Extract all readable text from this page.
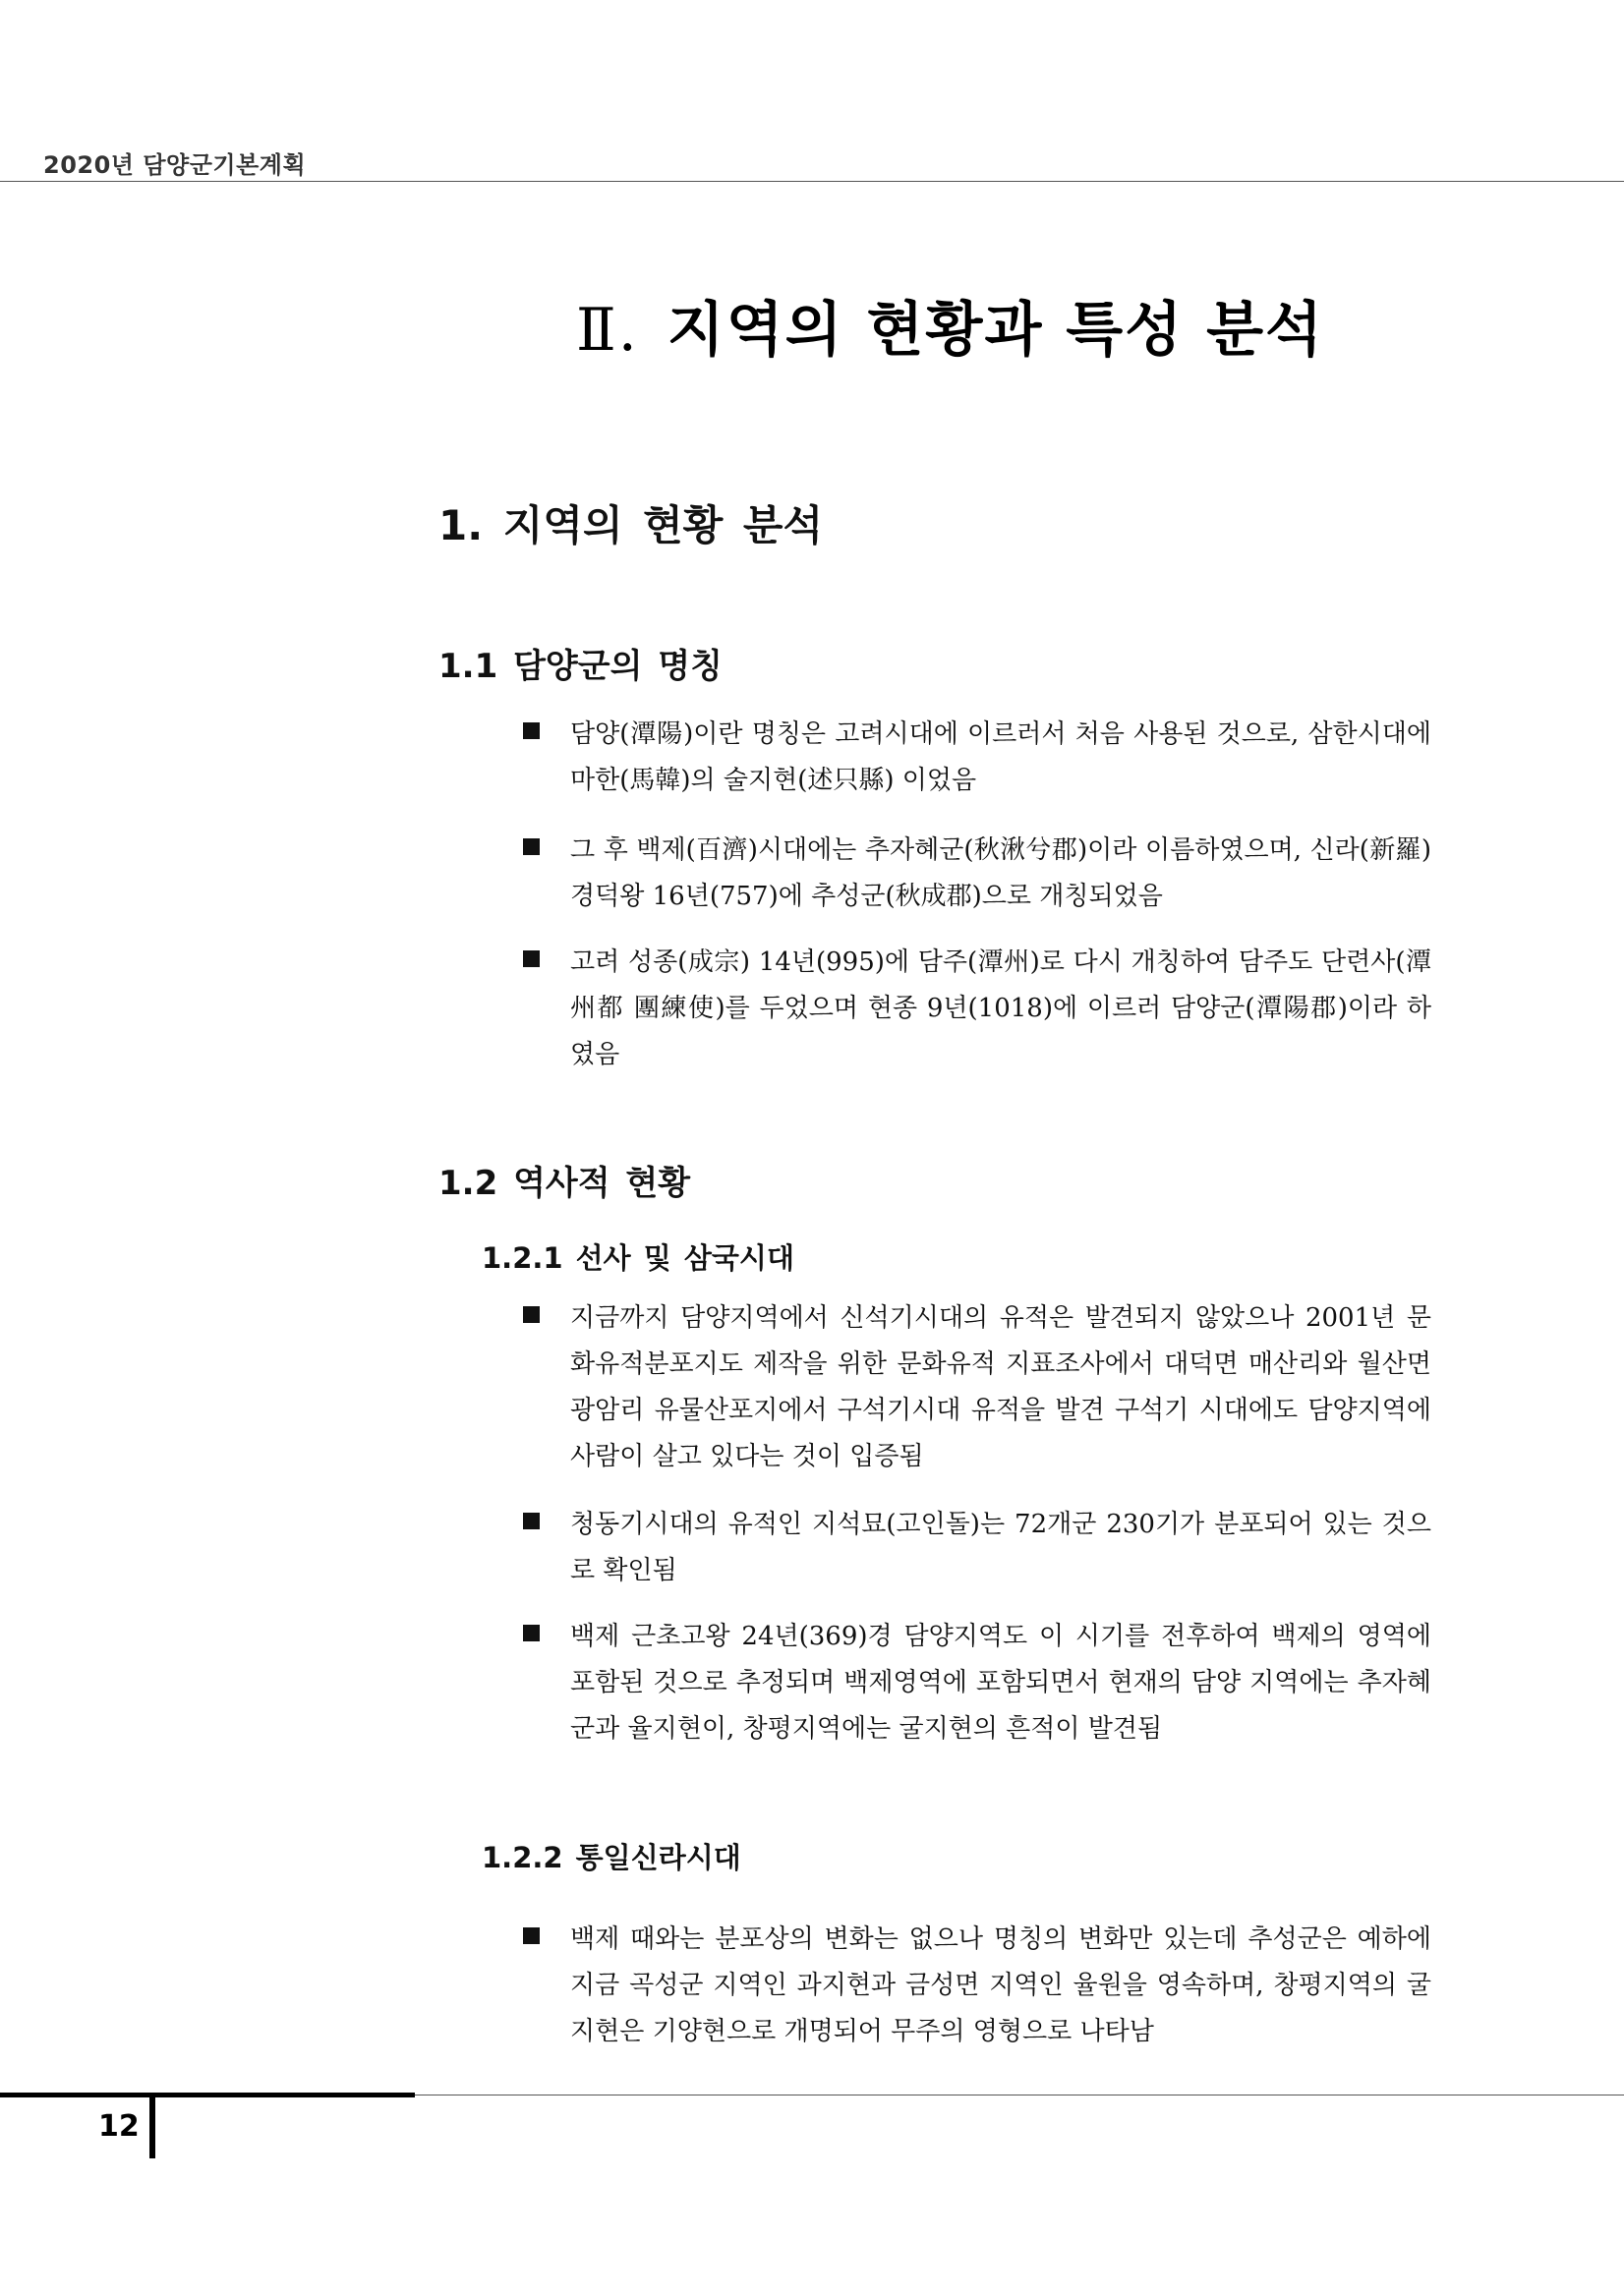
2020년 담양군기본계획
Ⅱ. 지역의 현황과 특성 분석
1. 지역의 현황 분석
1.1 담양군의 명칭
담양(潭陽)이란 명칭은 고려시대에 이르러서 처음 사용된 것으로, 삼한시대에 마한(馬韓)의 술지현(述只縣) 이었음
그 후 백제(百濟)시대에는 추자혜군(秋湫兮郡)이라 이름하였으며, 신라(新羅) 경덕왕 16년(757)에 추성군(秋成郡)으로 개칭되었음
고려 성종(成宗) 14년(995)에 담주(潭州)로 다시 개칭하여 담주도 단련사(潭州都 團練使)를 두었으며 현종 9년(1018)에 이르러 담양군(潭陽郡)이라 하였음
1.2 역사적 현황
1.2.1 선사 및 삼국시대
지금까지 담양지역에서 신석기시대의 유적은 발견되지 않았으나 2001년 문화유적분포지도 제작을 위한 문화유적 지표조사에서 대덕면 매산리와 월산면 광암리 유물산포지에서 구석기시대 유적을 발견 구석기 시대에도 담양지역에 사람이 살고 있다는 것이 입증됨
청동기시대의 유적인 지석묘(고인돌)는 72개군 230기가 분포되어 있는 것으로 확인됨
백제 근초고왕 24년(369)경 담양지역도 이 시기를 전후하여 백제의 영역에 포함된 것으로 추정되며 백제영역에 포함되면서 현재의 담양 지역에는 추자혜군과 율지현이, 창평지역에는 굴지현의 흔적이 발견됨
1.2.2 통일신라시대
백제 때와는 분포상의 변화는 없으나 명칭의 변화만 있는데 추성군은 예하에 지금 곡성군 지역인 과지현과 금성면 지역인 율원을 영속하며, 창평지역의 굴지현은 기양현으로 개명되어 무주의 영형으로 나타남
12
